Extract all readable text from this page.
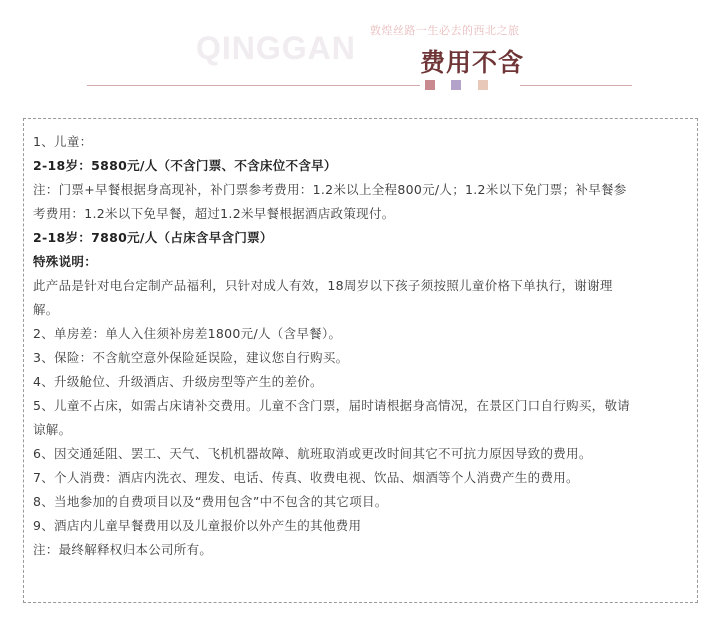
QINGGAN 敦煌丝路一生必去的西北之旅
费用不含
1、儿童：
2-18岁：5880元/人（不含门票、不含床位不含早）
注：门票+早餐根据身高现补，补门票参考费用：1.2米以上全程800元/人；1.2米以下免门票；补早餐参
考费用：1.2米以下免早餐，超过1.2米早餐根据酒店政策现付。
2-18岁：7880元/人（占床含早含门票）
特殊说明：
此产品是针对电台定制产品福利，只针对成人有效，18周岁以下孩子须按照儿童价格下单执行，谢谢理
解。
2、单房差：单人入住须补房差1800元/人（含早餐）。
3、保险：不含航空意外保险延误险，建议您自行购买。
4、升级舱位、升级酒店、升级房型等产生的差价。
5、儿童不占床，如需占床请补交费用。儿童不含门票，届时请根据身高情况，在景区门口自行购买，敬请
谅解。
6、因交通延阻、罢工、天气、飞机机器故障、航班取消或更改时间其它不可抗力原因导致的费用。
7、个人消费：酒店内洗衣、理发、电话、传真、收费电视、饮品、烟酒等个人消费产生的费用。
8、当地参加的自费项目以及“费用包含”中不包含的其它项目。
9、酒店内儿童早餐费用以及儿童报价以外产生的其他费用
注：最终解释权归本公司所有。
